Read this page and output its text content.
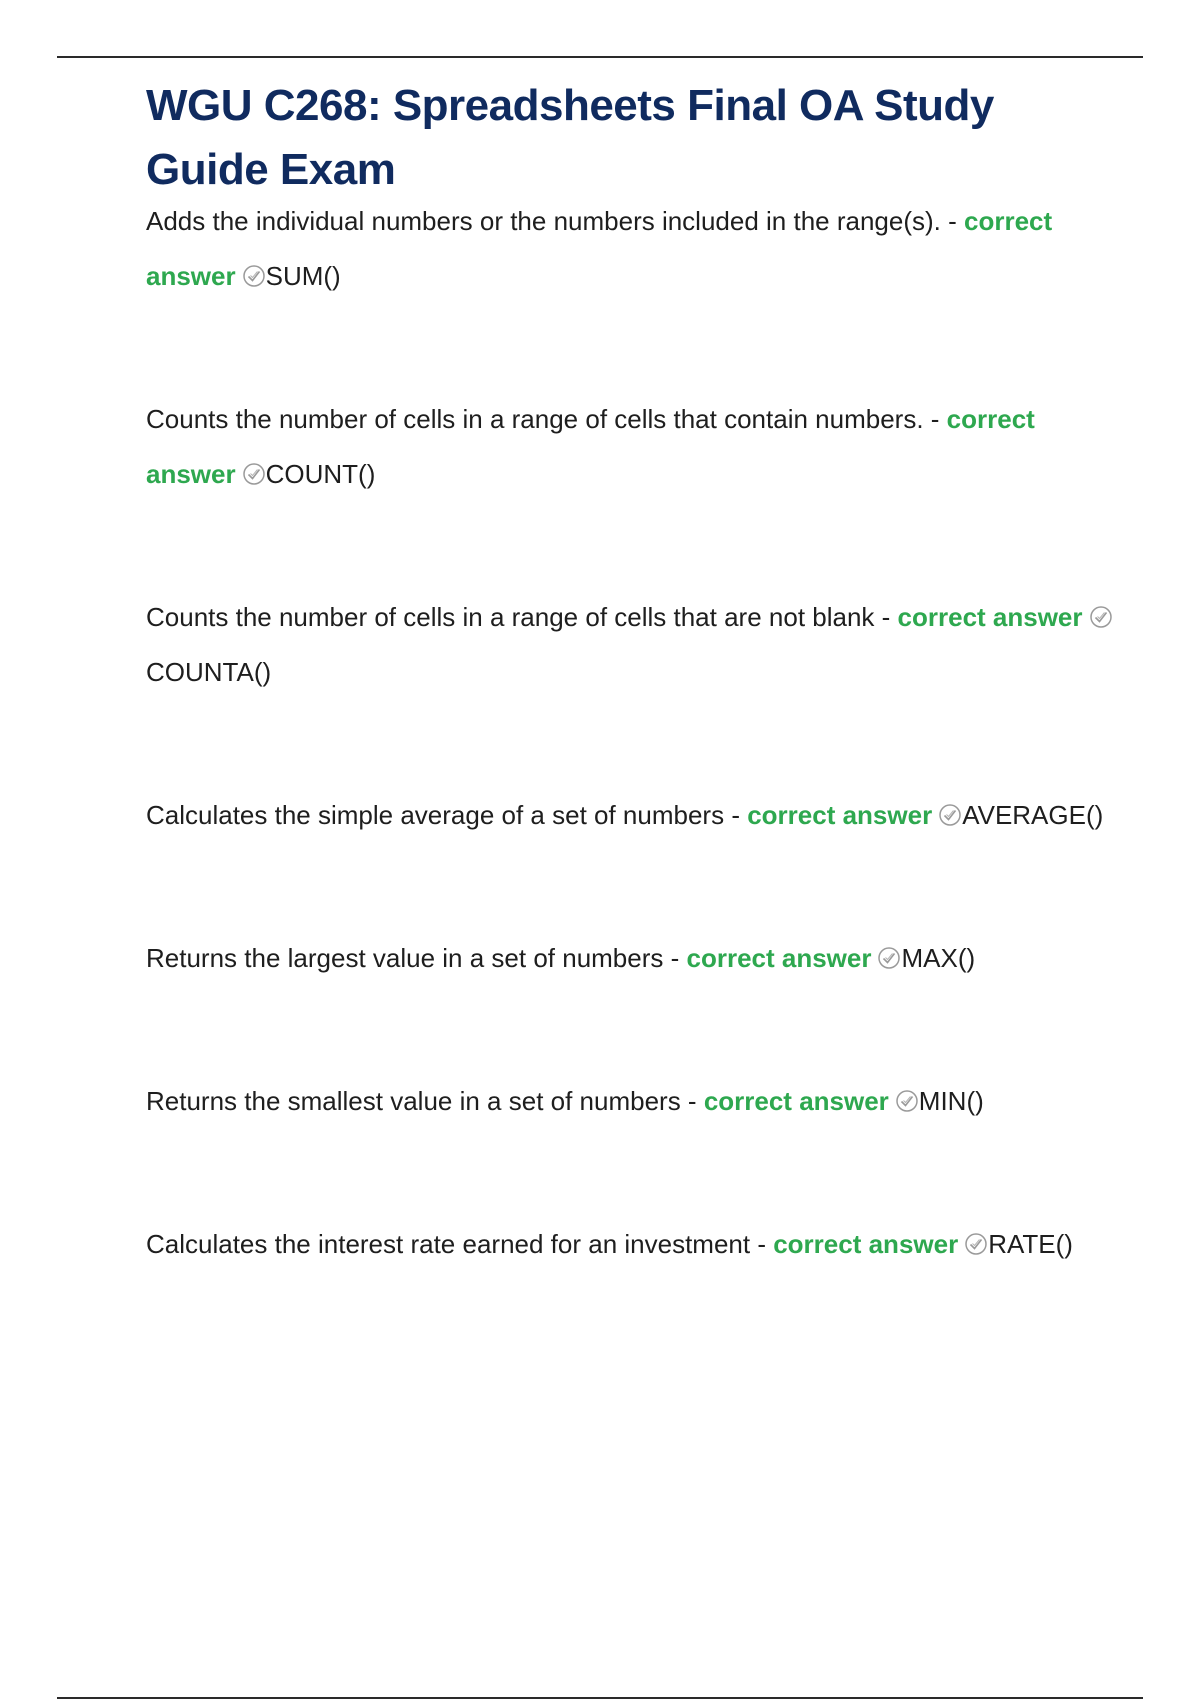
WGU C268: Spreadsheets Final OA Study Guide Exam
Adds the individual numbers or the numbers included in the range(s). - correct answer SUM()
Counts the number of cells in a range of cells that contain numbers. - correct answer COUNT()
Counts the number of cells in a range of cells that are not blank - correct answer
COUNTA()
Calculates the simple average of a set of numbers - correct answer AVERAGE()
Returns the largest value in a set of numbers - correct answer MAX()
Returns the smallest value in a set of numbers - correct answer MIN()
Calculates the interest rate earned for an investment - correct answer RATE()
